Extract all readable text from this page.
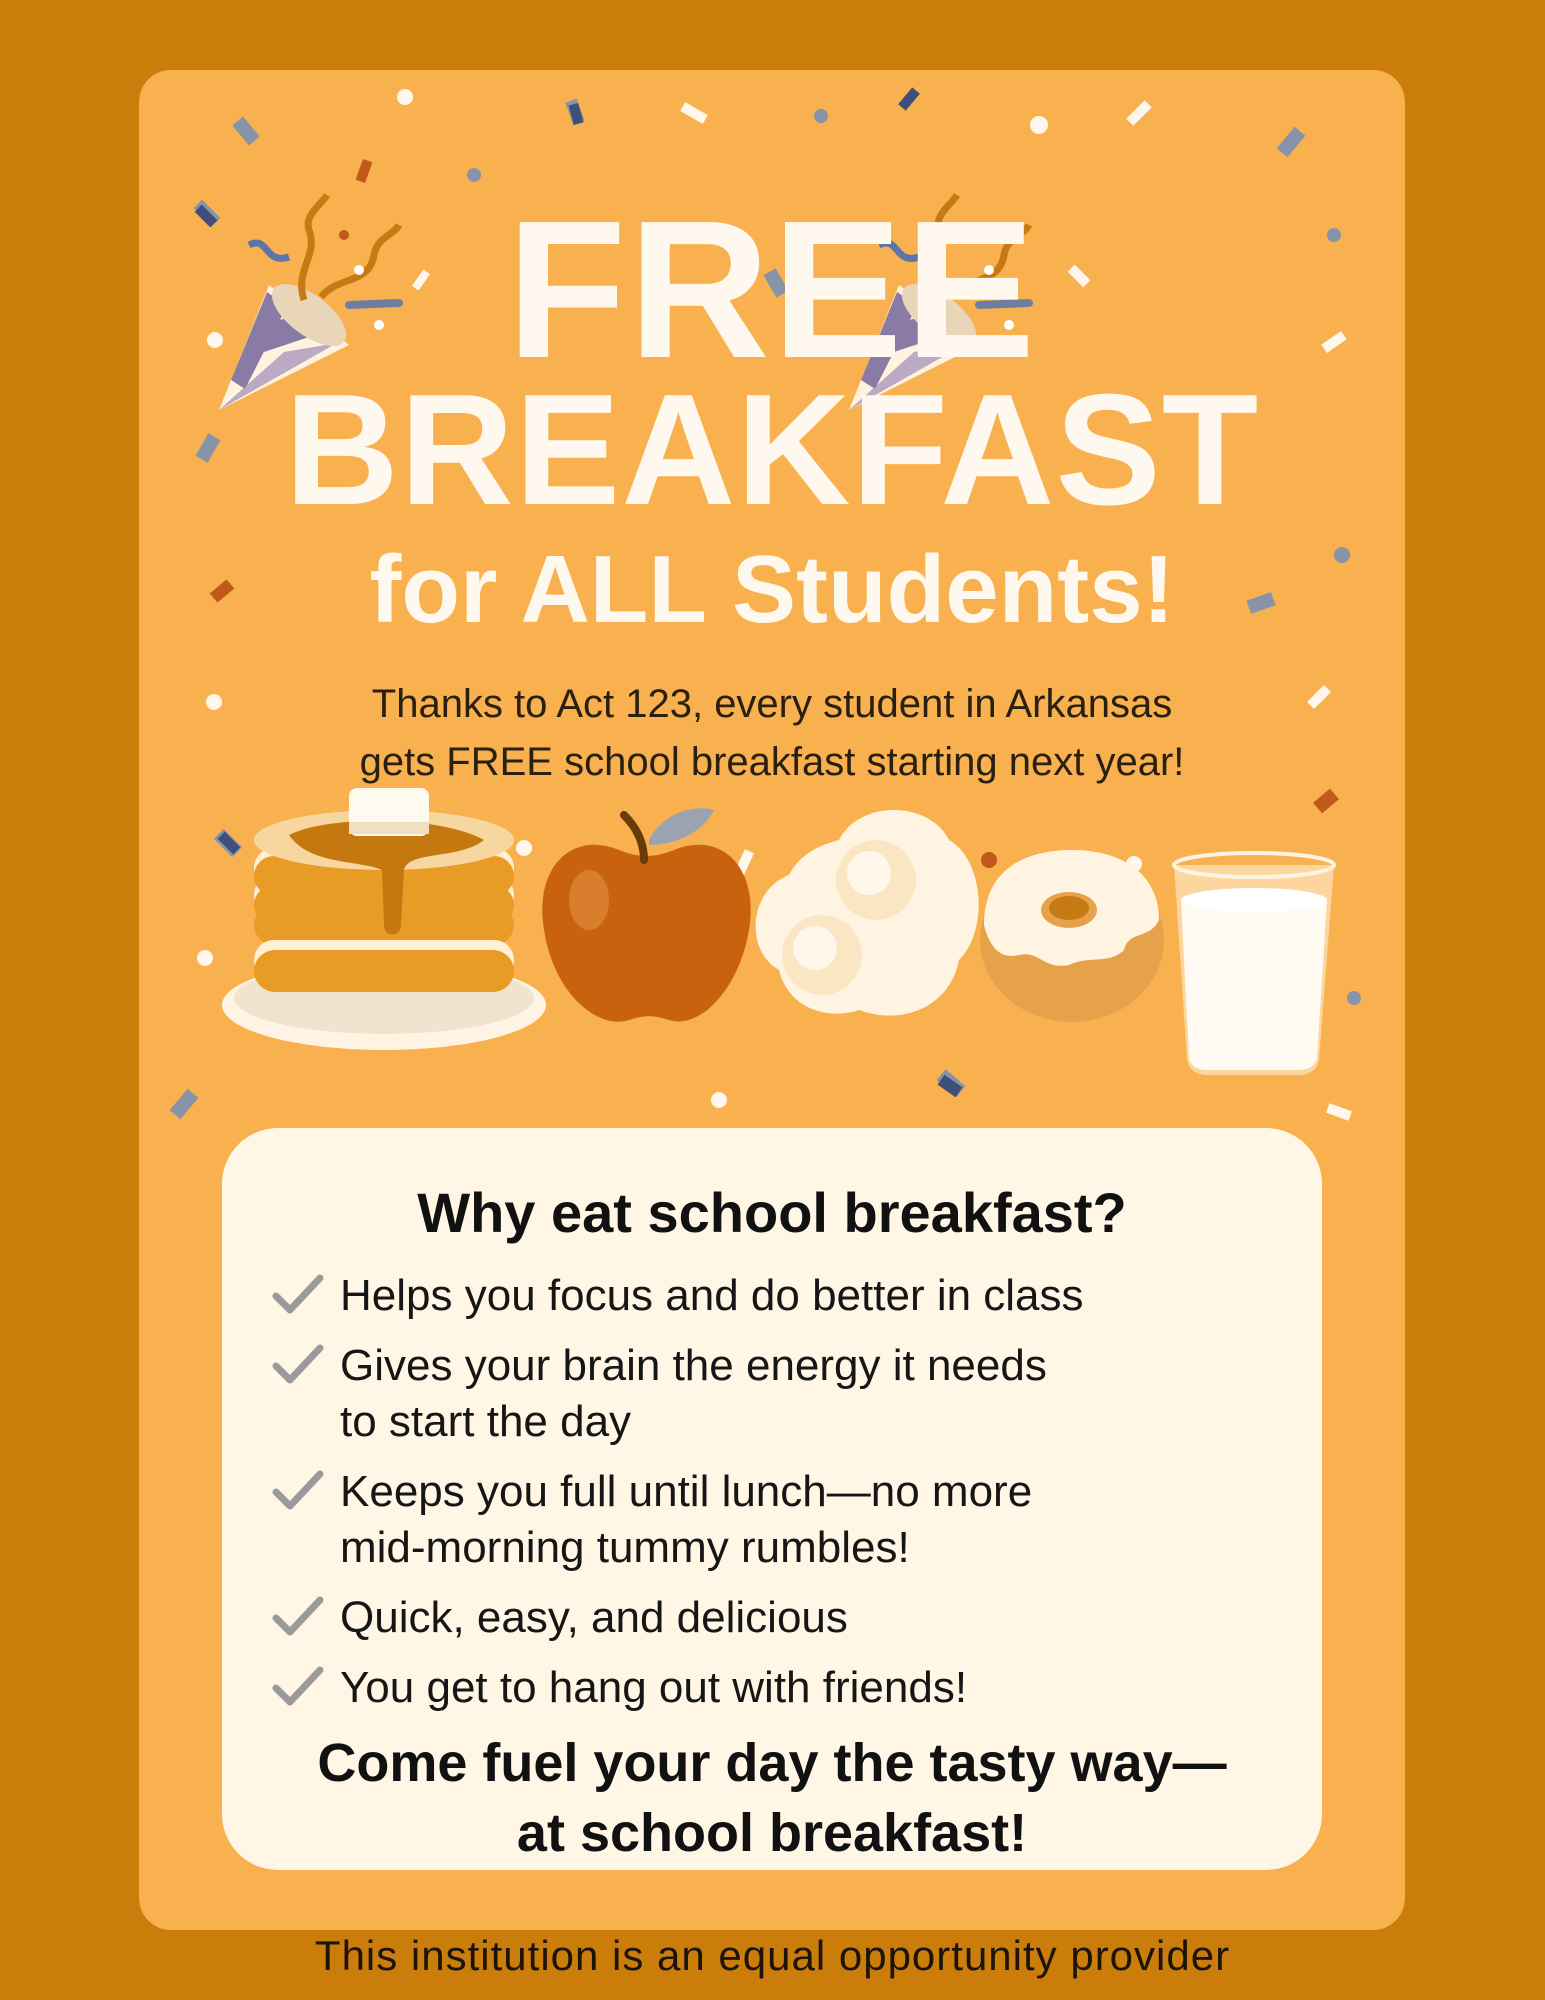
FREE
BREAKFAST
for ALL Students!
Thanks to Act 123, every student in Arkansas
gets FREE school breakfast starting next year!
Why eat school breakfast?
Helps you focus and do better in class
Gives your brain the energy it needs
to start the day
Keeps you full until lunch—no more
mid-morning tummy rumbles!
Quick, easy, and delicious
You get to hang out with friends!
Come fuel your day the tasty way—
at school breakfast!
This institution is an equal opportunity provider
